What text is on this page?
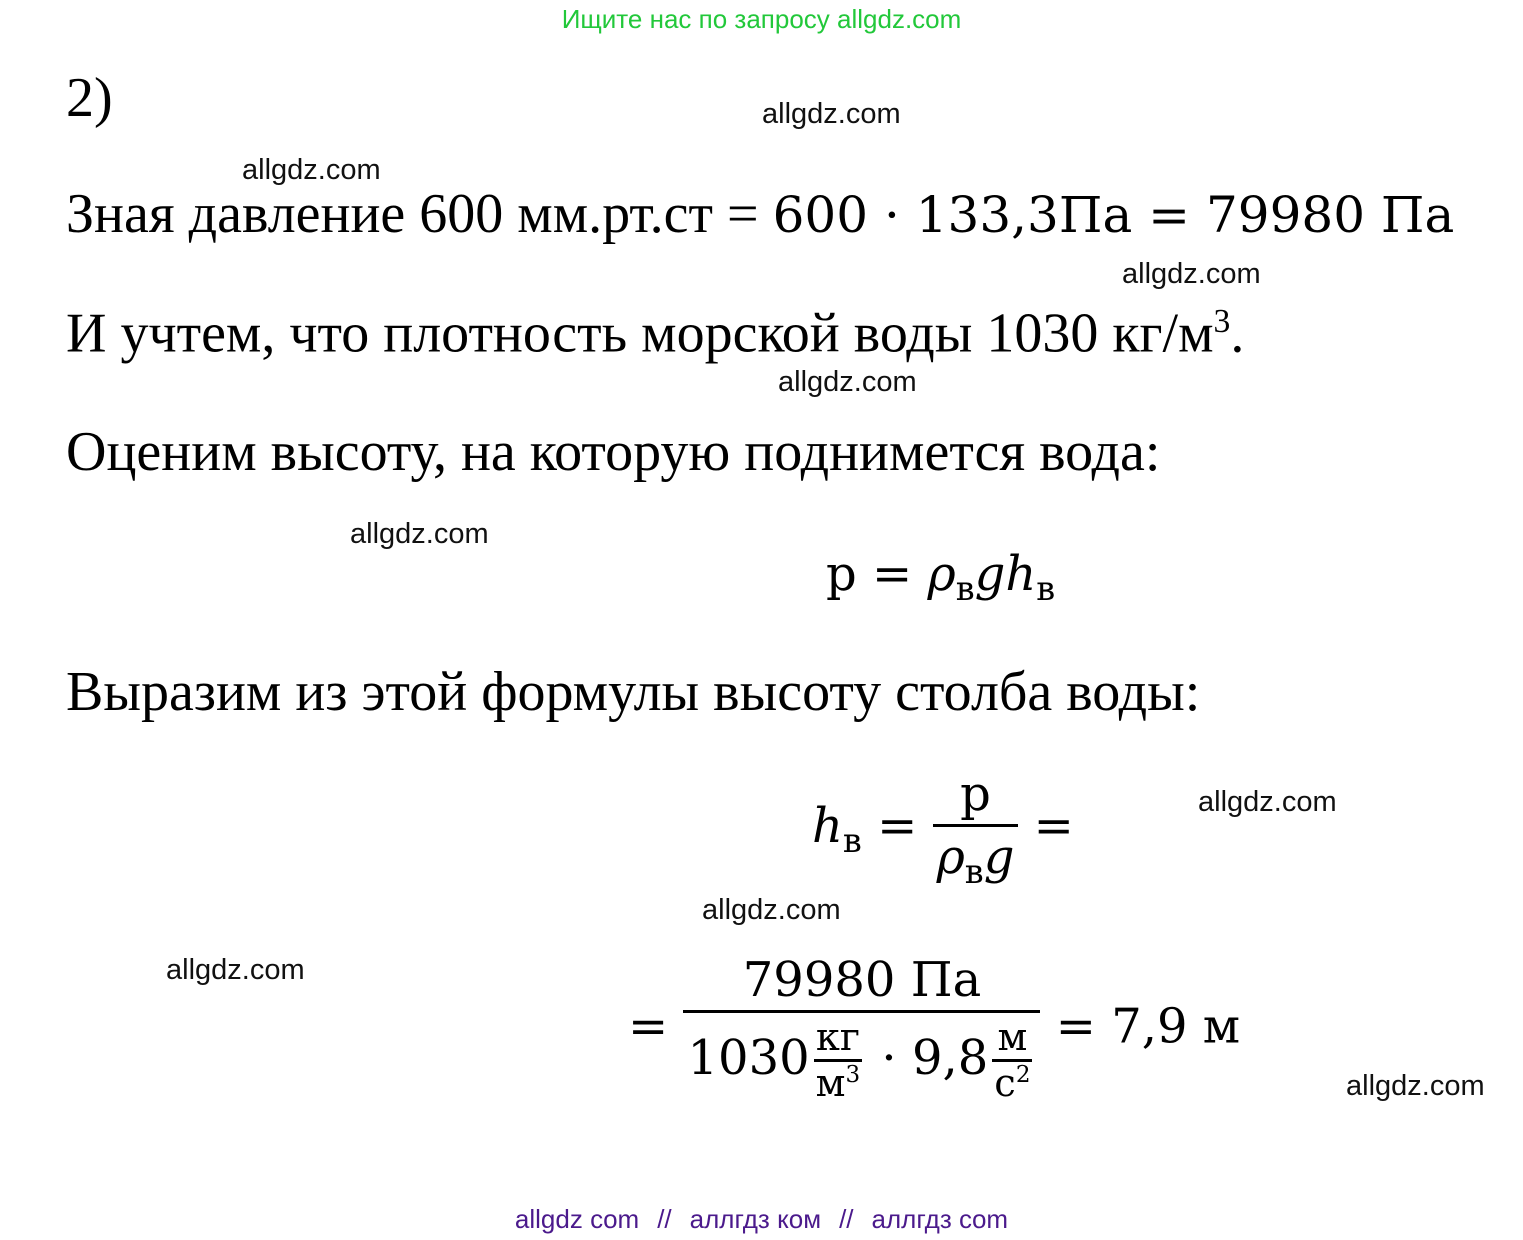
Ищите нас по запросу allgdz.com
2)	allgdz.com
allgdz.com
allgdz.com
allgdz.com
allgdz.com
allgdz.com
allgdz.com
allgdz.com
allgdz.com
Зная давление 600 мм.рт.ст = 600 · 133,3Па = 79980 Па
И учтем, что плотность морской воды 1030 $кг/м^3$.
Оценим высоту, на которую поднимется вода:
$p = \rho_вgh_в$
Выразим из этой формулы высоту столба воды:
$h_в = \frac{p}{\rho_вg}$ =
= 79980 Па
1030 кг
$м^3 \cdot 9,8$ м
$с^2 = 7,9$ м
allgdz com // аллгдз ком // аллгдз com
